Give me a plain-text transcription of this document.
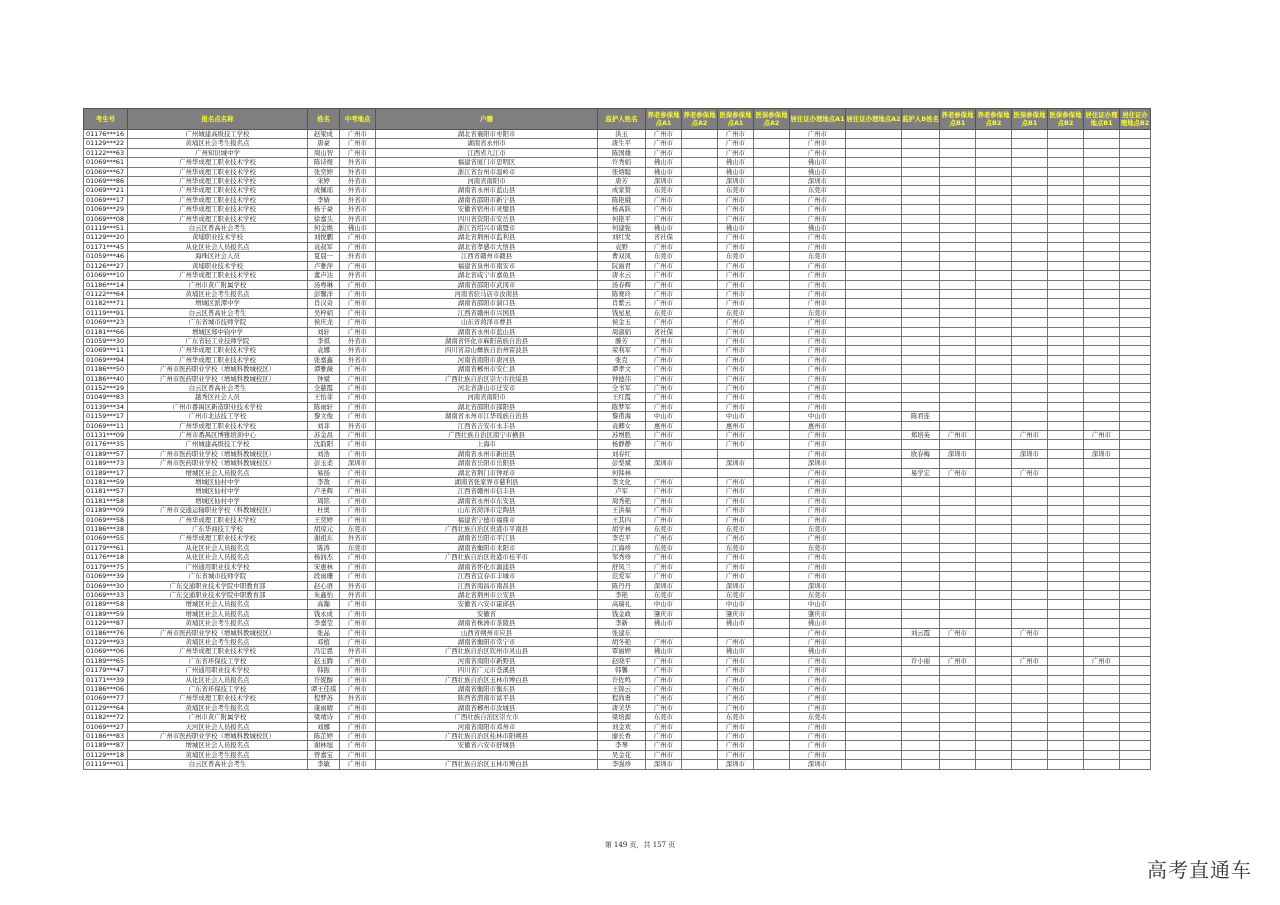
考生号	报名点名称	姓名	中考地点	户籍	监护人姓名	养老参保地点A1	养老参保地点A2	医保参保地点A1	医保参保地点A2	居住证办理地点A1	居住证办理地点A2	监护人B姓名	养老参保地点B1	养老参保地点B2	医保参保地点B1	医保参保地点B2	居住证办理地点B1	居住证办理地点B2
01176***16	广州城建高级技工学校	赵梁成	广州市	湖北省襄阳市枣阳市	洪玉	广州市		广州市		广州市								
01129***22	黄埔区社会考生报名点	唐豪	广州市	湖南省永州市	唐生平	广州市		广州市		广州市								
01122***63	广州知识城中学	周山智	广州市	江西省九江市	陈国雄	广州市		广州市		广州市								
01069***61	广州华成理工职业技术学校	陈诗煜	外省市	福建省厦门市思明区	许秀娟	佛山市		佛山市		佛山市								
01069***67	广州华成理工职业技术学校	张奕婷	外省市	浙江省台州市温岭市	张炳聪	佛山市		佛山市		佛山市								
01069***86	广州华成理工职业技术学校	宋婷	外省市	河南省南阳市	唐芳	深圳市		深圳市		深圳市								
01069***21	广州华成理工职业技术学校	成佩瑶	外省市	湖南省永州市蓝山县	成家赞	东莞市		东莞市		东莞市								
01069***17	广州华成理工职业技术学校	李婧	外省市	湖南省邵阳市新宁县	陈艳娥	广州市		广州市		广州市								
01069***29	广州华成理工职业技术学校	杨子豪	外省市	安徽省宿州市灵璧县	杨高跃	广州市		广州市		广州市								
01069***08	广州华成理工职业技术学校	徐嘉头	外省市	四川省资阳市安岳县	何艳平	广州市		广州市		广州市								
01119***51	白云区普高社会考生	何金焕	佛山市	浙江省绍兴市诸暨市	何建强	佛山市		佛山市		佛山市								
01129***20	黄埔职业技术学校	刘悦鹏	广州市	湖北省荆州市监利县	刘红发	省社保		广州市		广州市								
01171***45	从化区社会人员报名点	袁叔军	广州市	湖北省孝感市大悟县	袁野	广州市		广州市		广州市								
01059***46	海珠区社会人员	夏晨一	外省市	江西省赣州市赣县	曹双凤	东莞市		东莞市		东莞市								
01126***27	黄埔职业技术学校	卢雅萍	广州市	福建省泉州市南安市	阮丽君	广州市		广州市		广州市								
01069***10	广州华成理工职业技术学校	董声达	外省市	湖北省咸宁市嘉鱼县	唐水云	广州市		广州市		广州市								
01186***14	广州市黄广附属学校	汤粤琳	广州市	湖南省邵阳市武冈市	汤春辉	广州市		广州市		广州市								
01122***64	黄埔区社会考生报名点	彭馨洋	广州市	河南省驻马店市汝南县	陈赛玲	广州市		广州市		广州市								
01182***71	增城区派潭中学	肖汉奇	广州市	湖南省邵阳市洞口县	肖紫云	广州市		广州市		广州市								
01119***91	白云区普高社会考生	吴梓娟	广州市	江西省赣州市兴国县	钱星星	东莞市		东莞市		东莞市								
01069***23	广东省城市技师学院	侯庆龙	广州市	山东省菏泽市曹县	侯金玉	广州市		广州市		广州市								
01181***66	增城区郑中钧中学	刘轩	广州市	湖南省永州市蓝山县	周淑娟	省社保		广州市		广州市								
01059***30	广东省轻工业技师学院	李祺	外省市	湖南省怀化市麻阳苗族自治县	滕芳	广州市		广州市		广州市								
01069***11	广州华成理工职业技术学校	袁娜	外省市	四川省凉山彝族自治州雷波县	荣利军	广州市		广州市		广州市								
01069***94	广州华成理工职业技术学校	张嘉鑫	外省市	河南省南阳市唐河县	张克	广州市		广州市		广州市								
01186***50	广州市医药职业学校（增城科教城校区）	谭雅薇	广州市	湖南省郴州市安仁县	谭孝文	广州市		广州市		广州市								
01186***40	广州市医药职业学校（增城科教城校区）	钟斌	广州市	广西壮族自治区崇左市扶绥县	钟德伟	广州市		广州市		广州市								
01152***29	白云区普高社会考生	全慈霞	广州市	河北省唐山市迁安市	全书军	广州市		广州市		广州市								
01049***83	越秀区社会人员	王怡菲	广州市	河南省南阳市	王红霞	广州市		广州市		广州市								
01139***34	广州市番禺区新造职业技术学校	陈雨轩	广州市	湖北省邵阳市邵阳县	陈梦军	广州市		广州市		广州市								
01159***17	广州市北达技工学校	黎文俊	广州市	湖南省永州市江华瑶族自治县	黎甫海	中山市		中山市		中山市		陈君连						
01069***11	广州华成理工职业技术学校	刘菲	外省市	江西省吉安市永丰县	袁卿女	惠州市		惠州市		惠州市								
01131***09	广州市番禺区博雅培训中心	苏金昌	广州市	广西壮族自治区南宁市横县	苏增胜	广州市		广州市		广州市		郑培英	广州市		广州市		广州市	
01176***35	广州城建高级技工学校	沈韵阳	广州市	上海市	杨静静	广州市		广州市		广州市								
01189***57	广州市医药职业学校（增城科教城校区）	刘浩	广州市	湖南省永州市新田县	刘春红					广州市		欧春梅	深圳市		深圳市		深圳市	
01189***73	广州市医药职业学校（增城科教城校区）	彭玉柔	深圳市	湖南省岳阳市岳阳县	彭梨斌	深圳市		深圳市		深圳市								
01189***17	增城区社会人员报名点	易扬	广州市	湖北省荆门市钟祥市	何韩林					广州市		易学宏	广州市		广州市			
01181***59	增城区仙村中学	李敖	广州市	湖南省张家界市慈利县	李文化	广州市		广州市		广州市								
01181***57	增城区仙村中学	卢圣辉	广州市	江西省赣州市信丰县	卢军	广州市		广州市		广州市								
01181***58	增城区仙村中学	周铭	广州市	湖南省永州市东安县	周秀艳	广州市		广州市		广州市								
01189***09	广州市交通运输职业学校（科教城校区）	杜奥	广州市	山东省菏泽市定陶县	王洪福	广州市		广州市		广州市								
01069***58	广州华成理工职业技术学校	王奕婷	广州市	福建省宁德市福鼎市	王其四	广州市		广州市		广州市								
01186***38	广东华商技工学校	胡琼元	东莞市	广西壮族自治区贵港市平南县	胡学林	东莞市		东莞市		东莞市								
01069***55	广州华成理工职业技术学校	谢祖东	外省市	湖南省岳阳市平江县	李克平	广州市		广州市		广州市								
01179***61	从化区社会人员报名点	陈涛	东莞市	湖南省衡阳市耒阳市	江海珍	东莞市		东莞市		东莞市								
01176***18	从化区社会人员报名点	杨润杰	广州市	广西壮族自治区贵港市桂平市	邹秀珍	广州市		广州市		广州市								
01179***75	广州通用职业技术学校	宋惠林	广州市	湖南省怀化市溆浦县	舒凤兰	广州市		广州市		广州市								
01069***39	广东省城市技师学院	段雨珊	广州市	江西省宜春市丰城市	范爱军	广州市		广州市		广州市								
01069***30	广东交通职业技术学院中职教育部	赵心语	外省市	江西省南昌市南昌县	陈丹丹	深圳市		深圳市		深圳市								
01069***33	广东交通职业技术学院中职教育部	朱鑫怡	外省市	湖北省荆州市公安县	李艳	东莞市		东莞市		东莞市								
01189***58	增城区社会人员报名点	高瀚	广州市	安徽省六安市霍邱县	高瑞礼	中山市		中山市		中山市								
01189***59	增城区社会人员报名点	钱永成	广州市	安徽省	钱金政	肇庆市		肇庆市		肇庆市								
01129***87	黄埔区社会考生报名点	李嘉莹	广州市	湖南省株洲市茶陵县	李新	佛山市		佛山市		佛山市								
01186***76	广州市医药职业学校（增城科教城校区）	张晶	广州市	山西省朔州市应县	张建东					广州市		刘云霞	广州市		广州市			
01129***93	黄埔区社会考生报名点	邓植	广州市	湖南省衡阳市常宁市	胡冬艳	广州市		广州市		广州市								
01069***06	广州华成理工职业技术学校	冯定恩	外省市	广西壮族自治区钦州市灵山县	覃丽婷	佛山市		佛山市		佛山市								
01189***65	广东省环保技工学校	赵玉腾	广州市	河南省南阳市新野县	赵晓平	广州市		广州市		广州市		许小丽	广州市		广州市		广州市	
01179***47	广州通用职业技术学校	韩振	广州市	四川省广元市苍溪县	韩馨	广州市		广州市		广州市								
01171***39	从化区社会人员报名点	许妮醇	广州市	广西壮族自治区玉林市博白县	许佐鸣	广州市		广州市		广州市								
01186***06	广东省环保技工学校	谭王佳琪	广州市	湖南省衡阳市衡东县	王锦云	广州市		广州市		广州市								
01069***77	广州华成理工职业技术学校	程梦苏	外省市	陕西省渭南市富平县	程尚勇	广州市		广州市		广州市								
01129***64	黄埔区社会考生报名点	康雨晴	广州市	湖南省郴州市汝城县	唐美华	广州市		广州市		广州市								
01182***72	广州市黄广附属学校	梁靖诗	广州市	广西壮族自治区崇左市	梁培源	东莞市		东莞市		东莞市								
01069***27	天河区社会人员报名点	刘娜	广州市	河南省南阳市邓州市	刘金欢	广州市		广州市		广州市								
01186***83	广州市医药职业学校（增城科教城校区）	陈芷婷	广州市	广西壮族自治区桂林市阳朔县	廖长香	广州市		广州市		广州市								
01189***87	增城区社会人员报名点	谢林旭	广州市	安徽省六安市舒城县	李琴	广州市		广州市		广州市								
01129***18	黄埔区社会考生报名点	曾嘉宝	广州市		吴金花	广州市		广州市		广州市								
01119***01	白云区普高社会考生	李敏	广州市	广西壮族自治区玉林市博白县	李强珍	深圳市		深圳市		深圳市								
第 149 页，共 157 页
高考直通车
